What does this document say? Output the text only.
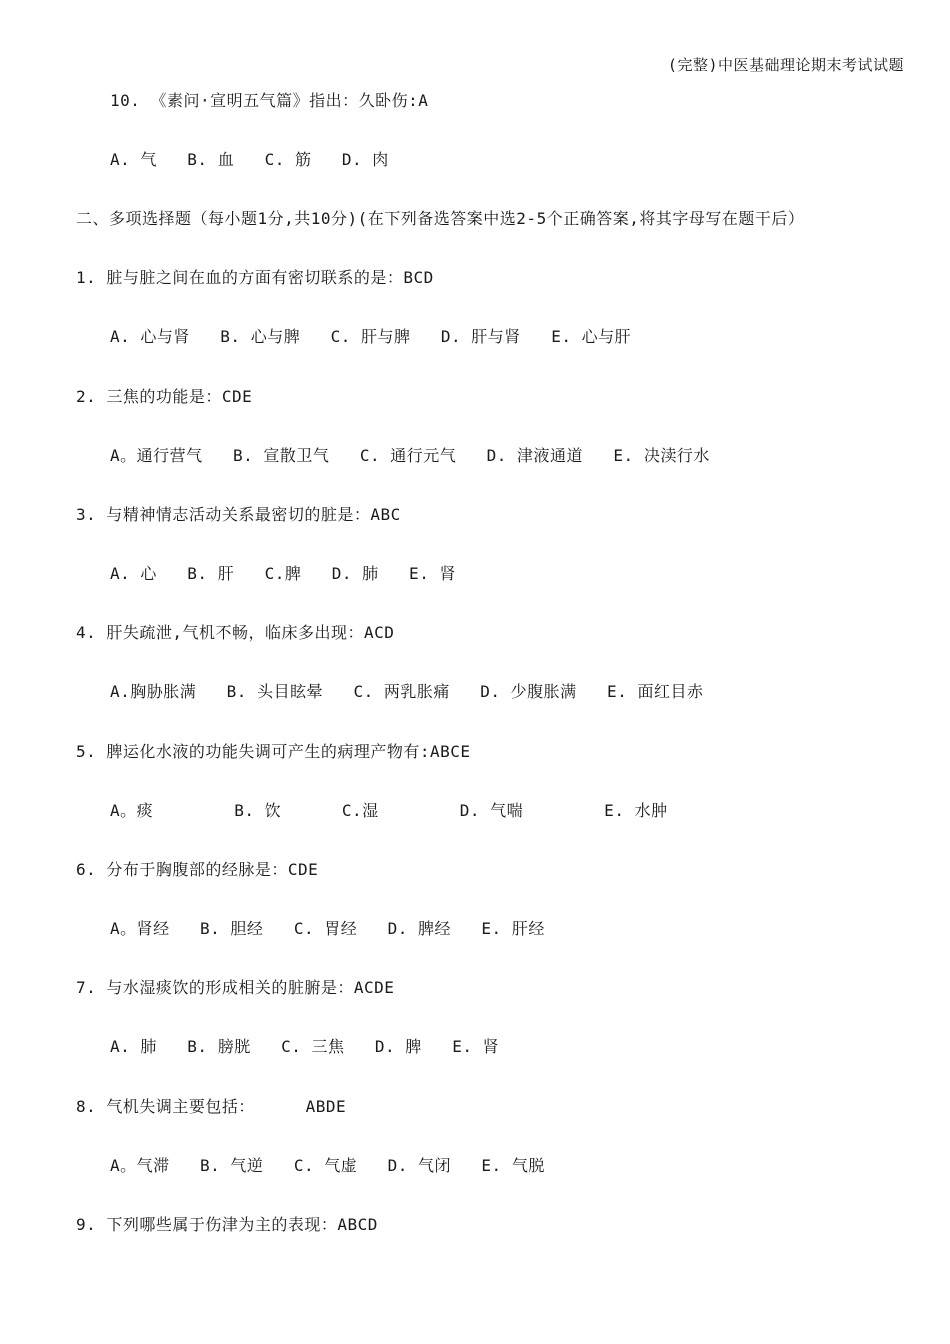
(完整)中医基础理论期末考试试题
10. 《素问·宣明五气篇》指出：久卧伤:A
A. 气   B. 血   C. 筋   D. 肉
二、多项选择题（每小题1分,共10分)(在下列备选答案中选2-5个正确答案,将其字母写在题干后）
1. 脏与脏之间在血的方面有密切联系的是：BCD
A. 心与肾   B. 心与脾   C. 肝与脾   D. 肝与肾   E. 心与肝
2. 三焦的功能是：CDE
A。通行营气   B. 宣散卫气   C. 通行元气   D. 津液通道   E. 决渎行水
3. 与精神情志活动关系最密切的脏是：ABC
A. 心   B. 肝   C.脾   D. 肺   E. 肾
4. 肝失疏泄,气机不畅，临床多出现：ACD
A.胸胁胀满   B. 头目眩晕   C. 两乳胀痛   D. 少腹胀满   E. 面红目赤
5. 脾运化水液的功能失调可产生的病理产物有:ABCE
A。痰        B. 饮      C.湿        D. 气喘        E. 水肿
6. 分布于胸腹部的经脉是：CDE
A。肾经   B. 胆经   C. 胃经   D. 脾经   E. 肝经
7. 与水湿痰饮的形成相关的脏腑是：ACDE
A. 肺   B. 膀胱   C. 三焦   D. 脾   E. 肾
8. 气机失调主要包括：     ABDE
A。气滞   B. 气逆   C. 气虚   D. 气闭   E. 气脱
9. 下列哪些属于伤津为主的表现：ABCD
